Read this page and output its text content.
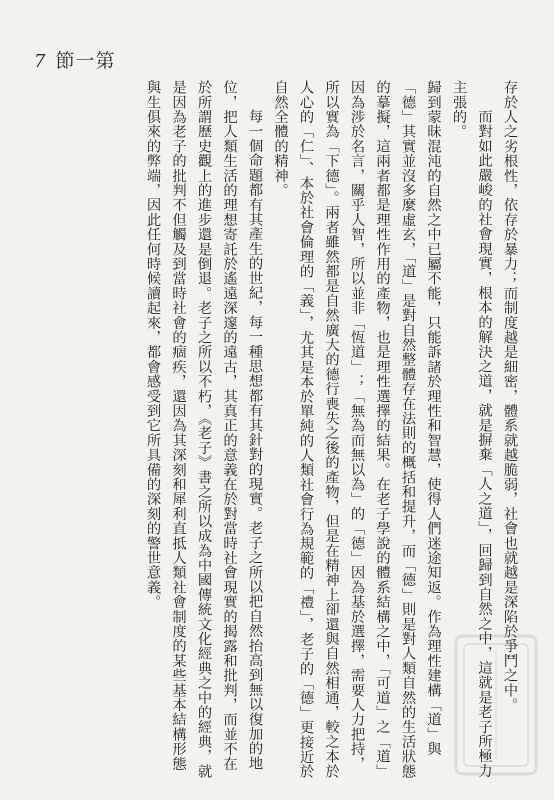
7 節一第

存於人之劣根性，依存於暴力；而制度越是細密，體系就越脆弱，社會也就越是深陷於爭鬥之中。

而對如此嚴峻的社會現實，根本的解決之道，就是摒棄「人之道」，回歸到自然之中，這就是老子所極力主張的。

歸到蒙昧混沌的自然之中已屬不能，只能訴諸於理性和智慧，使得人們迷途知返。作為理性建構「道」與「德」其實並沒多麼虛玄，「道」是對自然整體存在法則的概括和提升，而「德」則是對人類自然的生活狀態的摹擬，這兩者都是理性作用的產物，也是理性選擇的結果。在老子學說的體系結構之中，「可道」之「道」因為涉於名言，關乎人智，所以並非「恆道」；「無為而無以為」的「德」因為基於選擇，需要人力把持，所以實為「下德」。兩者雖然都是自然廣大的德行喪失之後的產物，但是在精神上卻還與自然相通，較之本於人心的「仁」、本於社會倫理的「義」，尤其是本於單純的人類社會行為規範的「禮」，老子的「德」更接近於自然全體的精神。

每一個命題都有其產生的世紀，每一種思想都有其針對的現實。老子之所以把自然抬高到無以復加的地位，把人類生活的理想寄託於遙遠深邃的遠古，其真正的意義在於對當時社會現實的揭露和批判，而並不在於所謂歷史觀上的進步還是倒退。老子之所以不朽，《老子》書之所以成為中國傳統文化經典之中的經典，就是因為老子的批判不但觸及到當時社會的痼疾，還因為其深刻和犀利直抵人類社會制度的某些基本結構形態與生俱來的弊端，因此任何時候讀起來，都會感受到它所具備的深刻的警世意義。
